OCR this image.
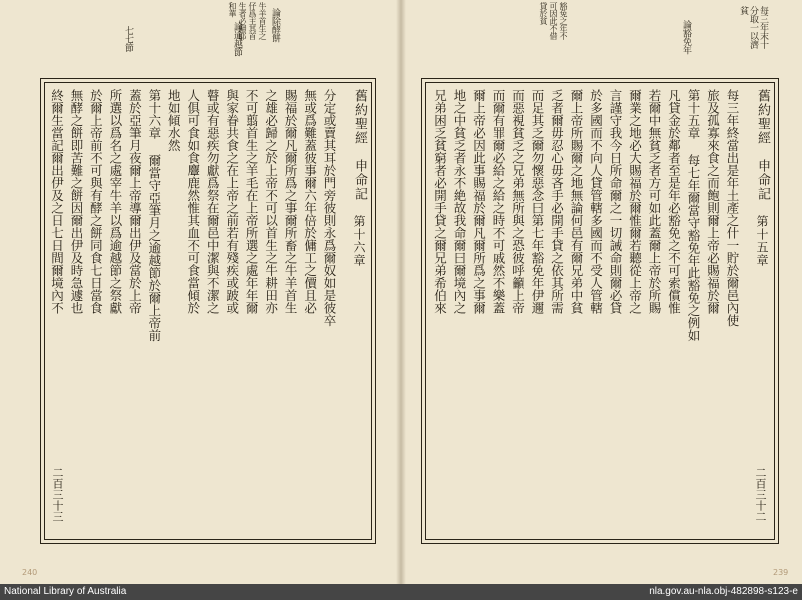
七七節	論逾越節	牛羊首生之仔爲主其首生者必歸耶和華	論除酵餅
舊約聖經　申命記　第十六章
分定或賣其耳於門旁彼則永爲爾奴如是彼卒
無或爲難蓋彼事爾六年倍於傭工之價且必
賜福於爾凡爾所爲之事爾所畜之牛羊首生
之雄必歸之於上帝不可以首生之牛耕田亦
不可翦首生之羊毛在上帝所選之處年年爾
與家眷共食之在上帝之前若有殘疾或跛或
瞽或有惡疾勿獻爲祭在爾邑中潔與不潔之
人俱可食如食麞鹿然惟其血不可食當傾於
地如傾水然
第十六章 爾當守亞筆月之逾越節於爾上帝前
蓋於亞筆月夜爾上帝導爾出伊及當於上帝
所選以爲名之處宰牛羊以爲逾越節之祭獻
於爾上帝前不可與有酵之餅同食七日當食
無酵之餅即苦難之餅因爾出伊及時急遽也
終爾生當記爾出伊及之日七日間爾境內不
二百三十三
240
每三年末十分取一以濟貧
論豁免年
豁免之年不可因此不借貸於貧
舊約聖經　申命記　第十五章
每三年終當出是年土產之什一貯於爾邑內使
旅及孤寡來食之而飽則爾上帝必賜福於爾
第十五章 每七年爾當守豁免年此豁免之例如
凡貸金於鄰者至是年必豁免之不可索償惟
若爾中無貧乏者方可如此蓋爾上帝於所賜
爾業之地必大賜福於爾惟爾若聽從上帝之
言謹守我今日所命爾之一切誡命則爾必貸
於多國而不向人貸管轄多國而不受人管轄
爾上帝所賜爾之地無論何邑有爾兄弟中貧
乏者爾毋忍心毋吝手必開手貸之依其所需
而足其乏爾勿懷惡念曰第七年豁免年伊邇
而惡視貧乏之兄弟無所與之恐彼呼籲上帝
而爾有罪爾必給之給之時不可戚然不樂蓋
爾上帝必因此事賜福於爾凡爾所爲之事爾
地之中貧乏者永不絶故我命爾曰爾境內之
兄弟困乏貧窮者必開手貸之爾兄弟希伯來
二百三十二
239
National Library of Australia	nla.gov.au-nla.obj-482898-s123-e
